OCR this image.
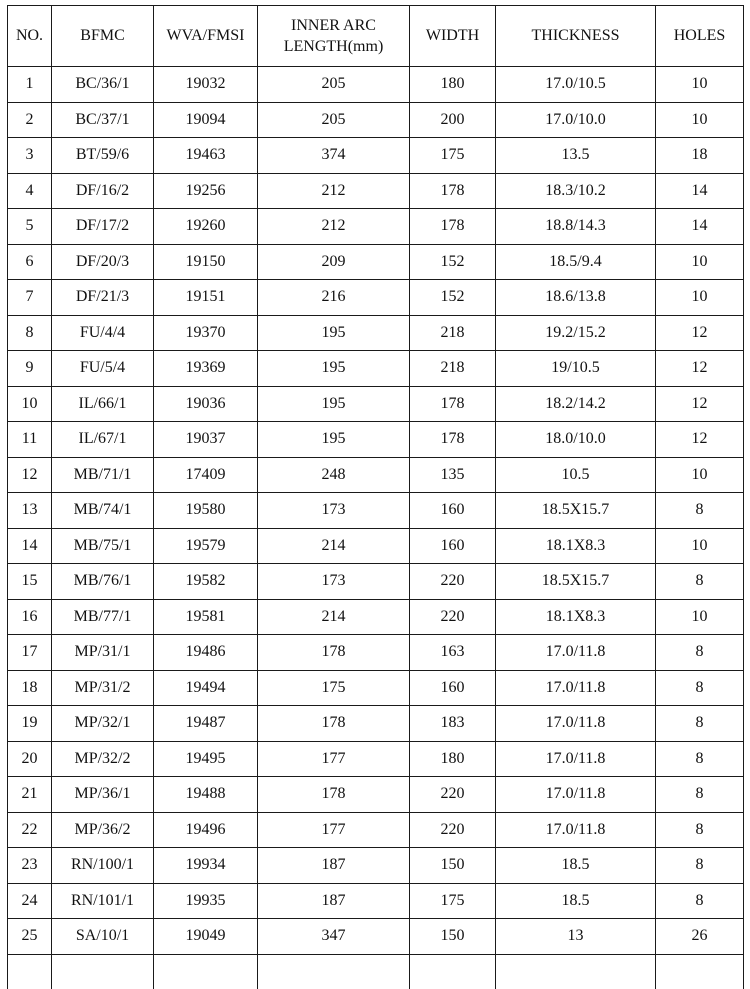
NO.	BFMC	WVA/FMSI	INNER ARC LENGTH(mm)	WIDTH	THICKNESS	HOLES
1	BC/36/1	19032	205	180	17.0/10.5	10
2	BC/37/1	19094	205	200	17.0/10.0	10
3	BT/59/6	19463	374	175	13.5	18
4	DF/16/2	19256	212	178	18.3/10.2	14
5	DF/17/2	19260	212	178	18.8/14.3	14
6	DF/20/3	19150	209	152	18.5/9.4	10
7	DF/21/3	19151	216	152	18.6/13.8	10
8	FU/4/4	19370	195	218	19.2/15.2	12
9	FU/5/4	19369	195	218	19/10.5	12
10	IL/66/1	19036	195	178	18.2/14.2	12
11	IL/67/1	19037	195	178	18.0/10.0	12
12	MB/71/1	17409	248	135	10.5	10
13	MB/74/1	19580	173	160	18.5X15.7	8
14	MB/75/1	19579	214	160	18.1X8.3	10
15	MB/76/1	19582	173	220	18.5X15.7	8
16	MB/77/1	19581	214	220	18.1X8.3	10
17	MP/31/1	19486	178	163	17.0/11.8	8
18	MP/31/2	19494	175	160	17.0/11.8	8
19	MP/32/1	19487	178	183	17.0/11.8	8
20	MP/32/2	19495	177	180	17.0/11.8	8
21	MP/36/1	19488	178	220	17.0/11.8	8
22	MP/36/2	19496	177	220	17.0/11.8	8
23	RN/100/1	19934	187	150	18.5	8
24	RN/101/1	19935	187	175	18.5	8
25	SA/10/1	19049	347	150	13	26
